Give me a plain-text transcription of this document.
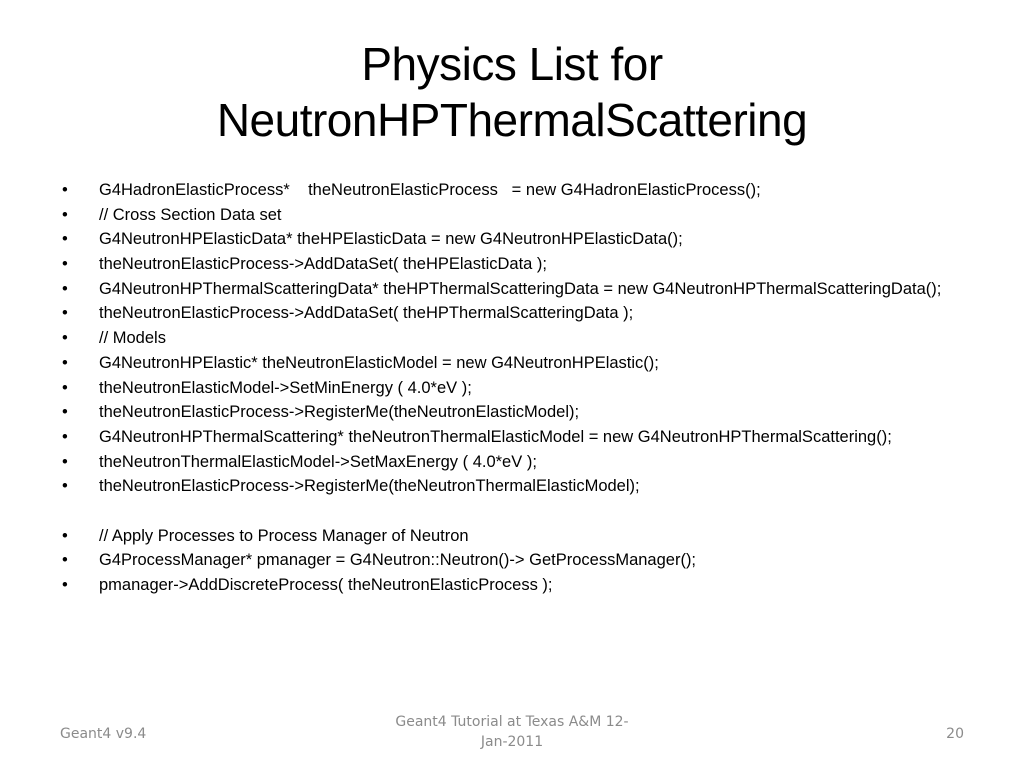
Physics List for
NeutronHPThermalScattering
•	G4HadronElasticProcess*    theNeutronElasticProcess   = new G4HadronElasticProcess();
•	// Cross Section Data set
•	G4NeutronHPElasticData* theHPElasticData = new G4NeutronHPElasticData();
•	theNeutronElasticProcess->AddDataSet( theHPElasticData );
•	G4NeutronHPThermalScatteringData* theHPThermalScatteringData = new G4NeutronHPThermalScatteringData();
•	theNeutronElasticProcess->AddDataSet( theHPThermalScatteringData );
•	// Models
•	G4NeutronHPElastic* theNeutronElasticModel = new G4NeutronHPElastic();
•	theNeutronElasticModel->SetMinEnergy ( 4.0*eV );
•	theNeutronElasticProcess->RegisterMe(theNeutronElasticModel);
•	G4NeutronHPThermalScattering* theNeutronThermalElasticModel = new G4NeutronHPThermalScattering();
•	theNeutronThermalElasticModel->SetMaxEnergy ( 4.0*eV );
•	theNeutronElasticProcess->RegisterMe(theNeutronThermalElasticModel);
•	// Apply Processes to Process Manager of Neutron
•	G4ProcessManager* pmanager = G4Neutron::Neutron()-> GetProcessManager();
•	pmanager->AddDiscreteProcess( theNeutronElasticProcess );
Geant4 v9.4
Geant4 Tutorial at Texas A&M 12-
Jan-2011	20
